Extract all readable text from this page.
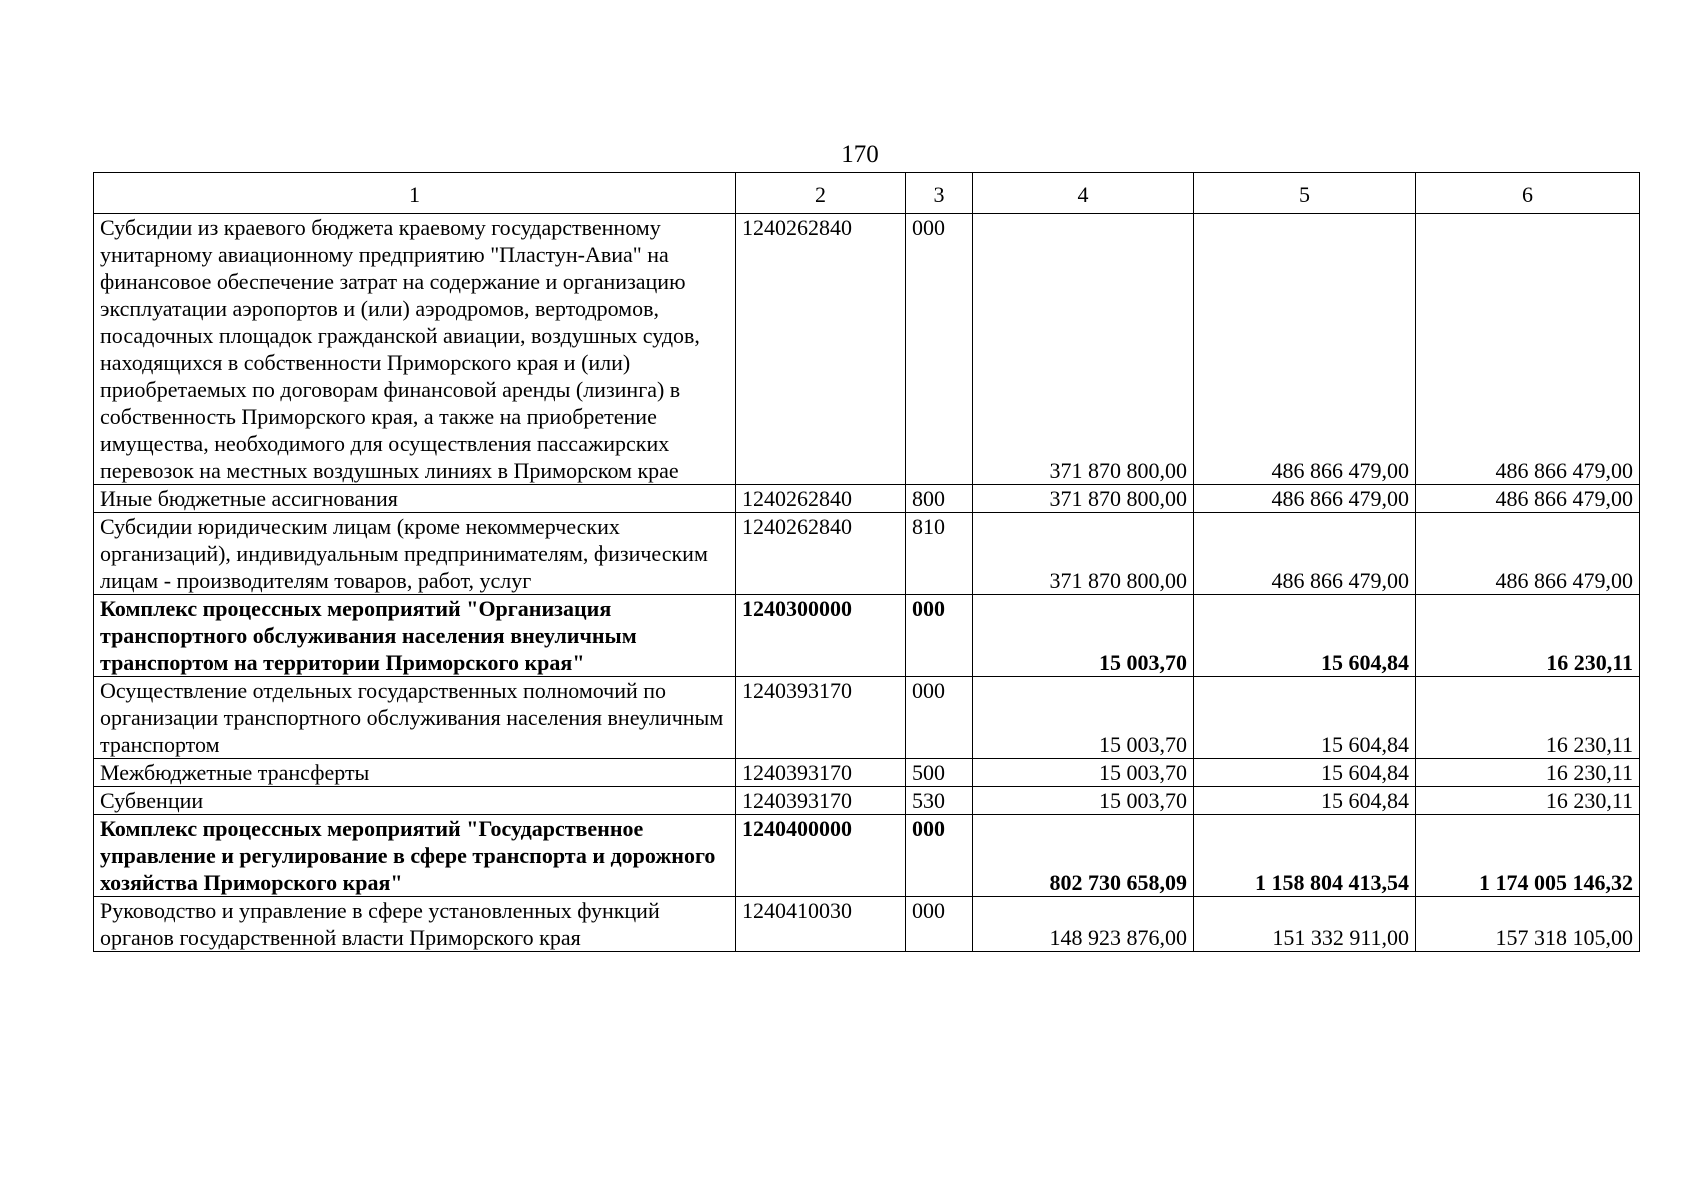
170
1	2	3	4	5	6
Субсидии из краевого бюджета краевому государственному унитарному авиационному предприятию "Пластун-Авиа" на финансовое обеспечение затрат на содержание и организацию эксплуатации аэропортов и (или) аэродромов, вертодромов, посадочных площадок гражданской авиации, воздушных судов, находящихся в собственности Приморского края и (или) приобретаемых по договорам финансовой аренды (лизинга) в собственность Приморского края, а также на приобретение имущества, необходимого для осуществления пассажирских перевозок на местных воздушных линиях в Приморском крае	1240262840	000	371 870 800,00	486 866 479,00	486 866 479,00
Иные бюджетные ассигнования	1240262840	800	371 870 800,00	486 866 479,00	486 866 479,00
Субсидии юридическим лицам (кроме некоммерческих организаций), индивидуальным предпринимателям, физическим лицам - производителям товаров, работ, услуг	1240262840	810	371 870 800,00	486 866 479,00	486 866 479,00
Комплекс процессных мероприятий "Организация транспортного обслуживания населения внеуличным транспортом на территории Приморского края"	1240300000	000	15 003,70	15 604,84	16 230,11
Осуществление отдельных государственных полномочий по организации транспортного обслуживания населения внеуличным транспортом	1240393170	000	15 003,70	15 604,84	16 230,11
Межбюджетные трансферты	1240393170	500	15 003,70	15 604,84	16 230,11
Субвенции	1240393170	530	15 003,70	15 604,84	16 230,11
Комплекс процессных мероприятий "Государственное управление и регулирование в сфере транспорта и дорожного хозяйства Приморского края"	1240400000	000	802 730 658,09	1 158 804 413,54	1 174 005 146,32
Руководство и управление в сфере установленных функций органов государственной власти Приморского края	1240410030	000	148 923 876,00	151 332 911,00	157 318 105,00
